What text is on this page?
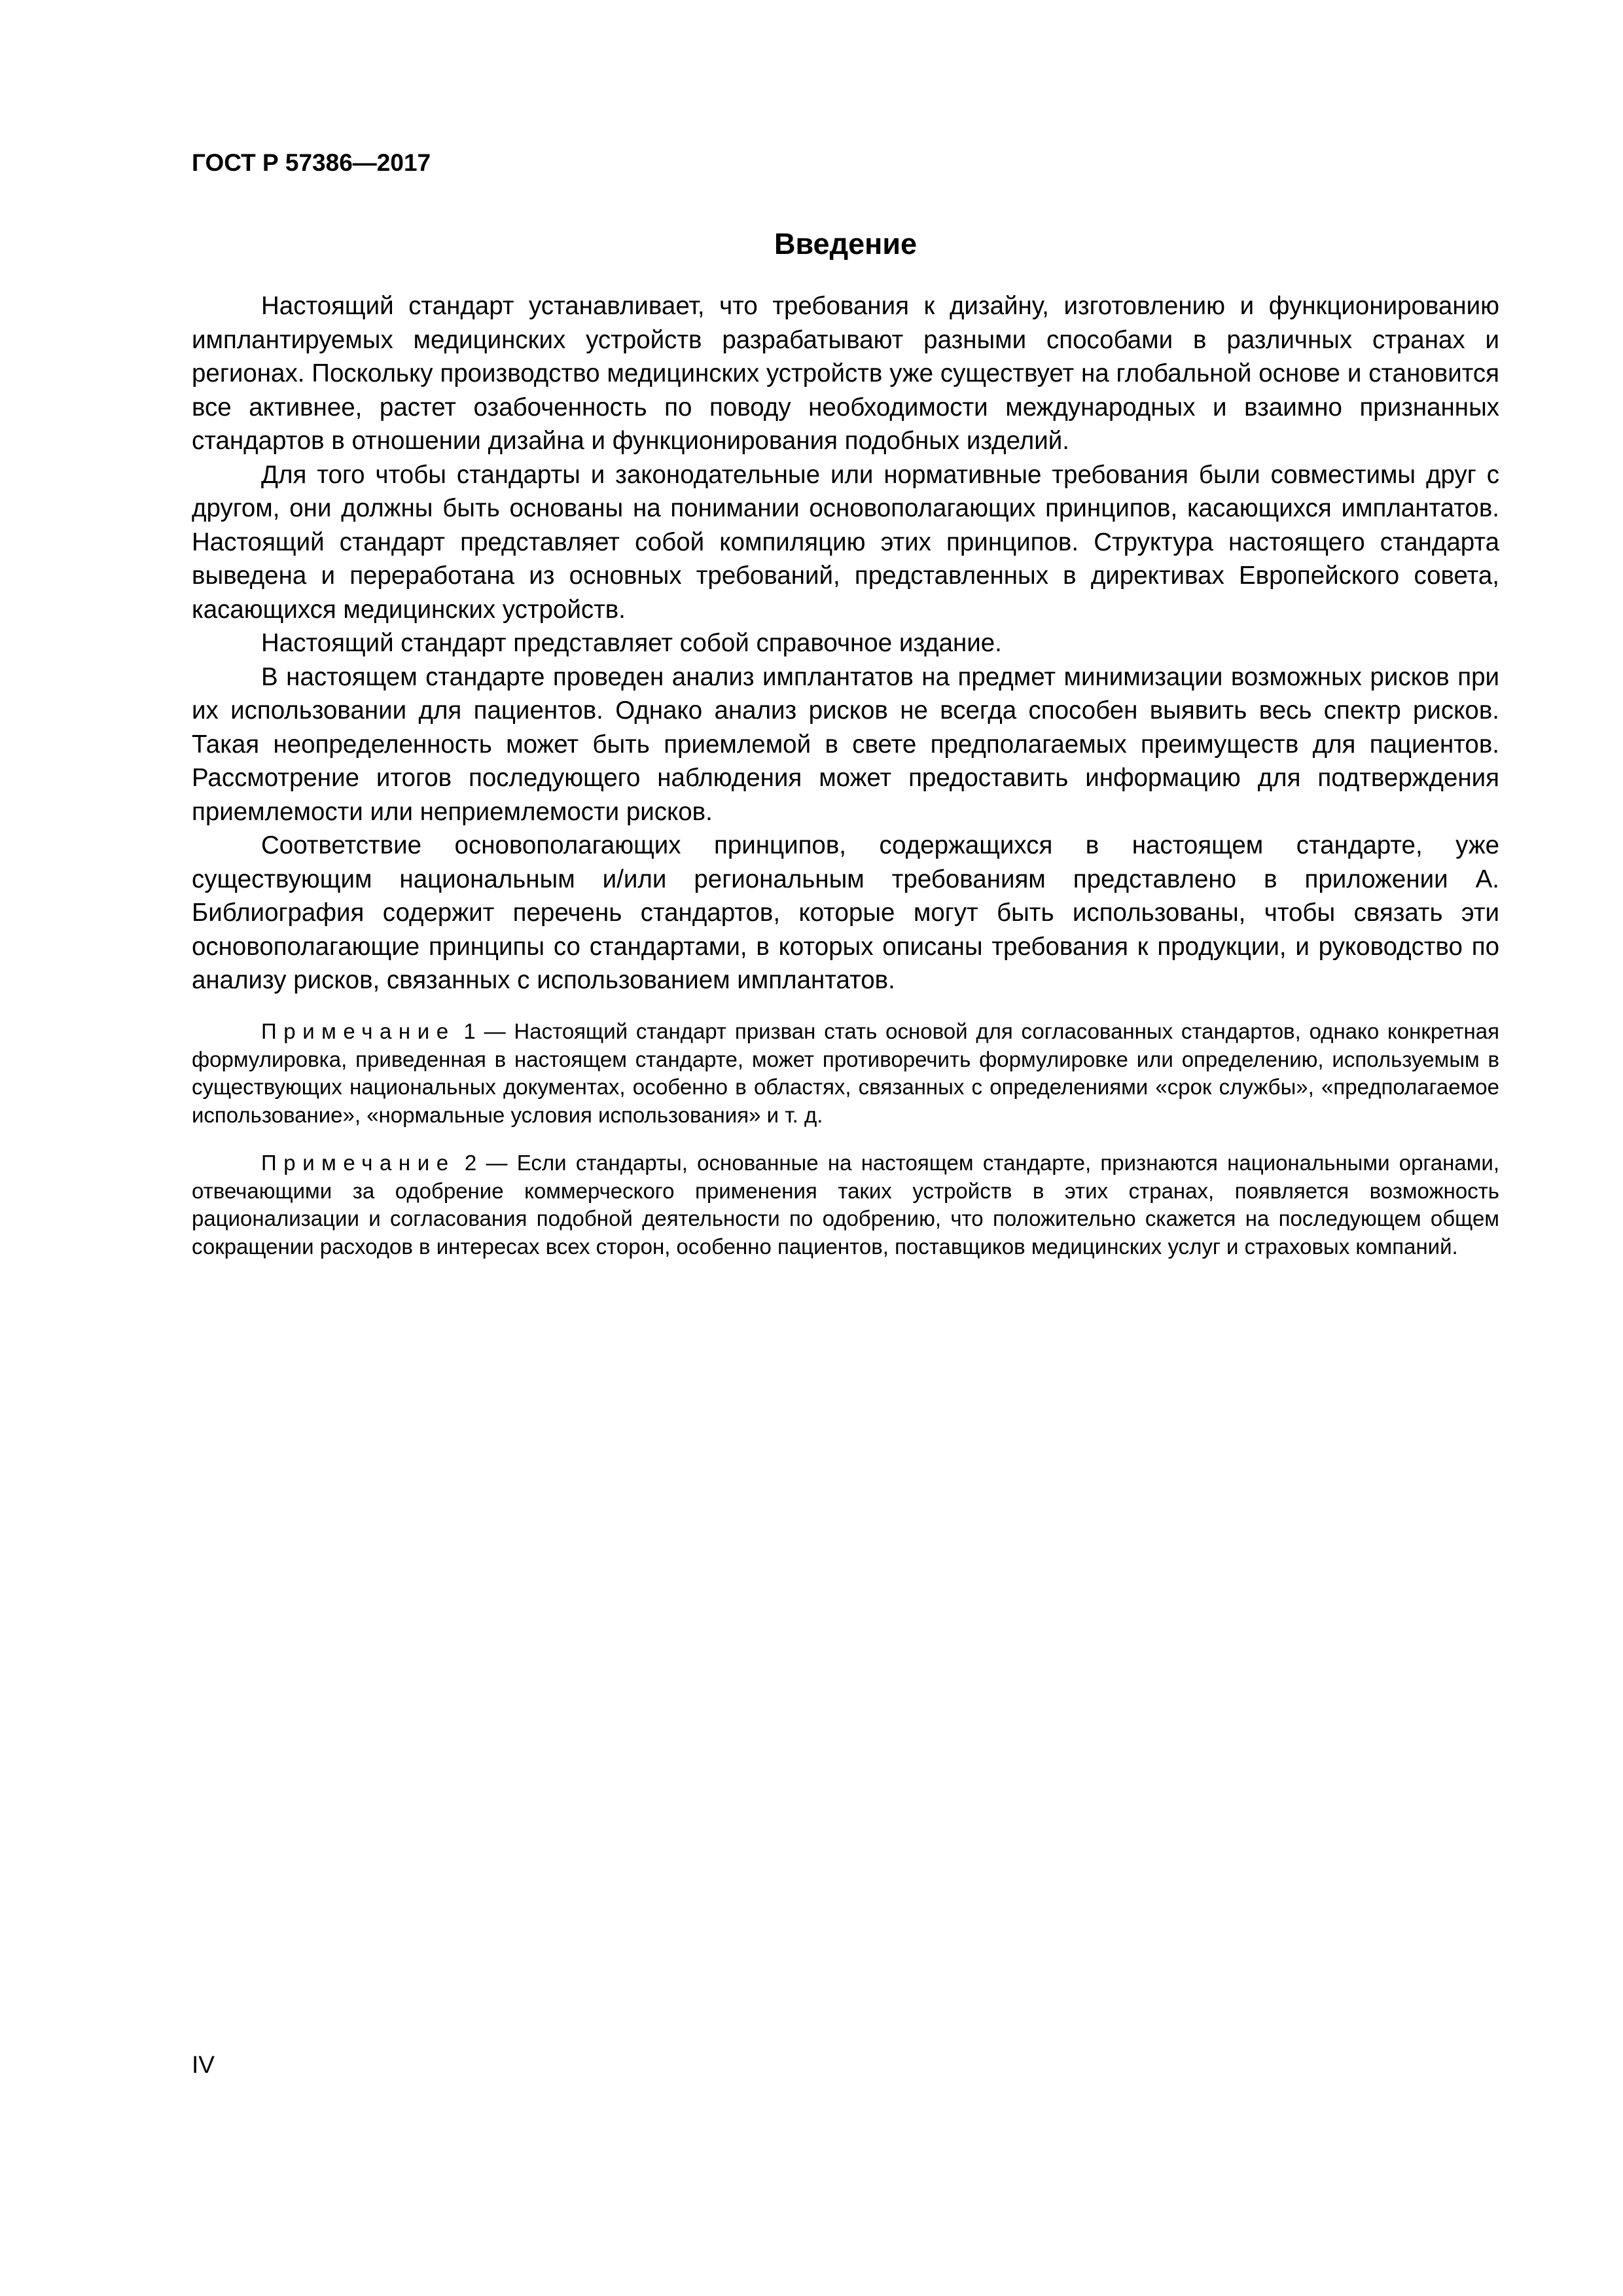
ГОСТ Р 57386—2017
Введение

Настоящий стандарт устанавливает, что требования к дизайну, изготовлению и функционированию имплантируемых медицинских устройств разрабатывают разными способами в различных странах и регионах. Поскольку производство медицинских устройств уже существует на глобальной основе и становится все активнее, растет озабоченность по поводу необходимости международных и взаимно признанных стандартов в отношении дизайна и функционирования подобных изделий.

Для того чтобы стандарты и законодательные или нормативные требования были совместимы друг с другом, они должны быть основаны на понимании основополагающих принципов, касающихся имплантатов. Настоящий стандарт представляет собой компиляцию этих принципов. Структура настоящего стандарта выведена и переработана из основных требований, представленных в директивах Европейского совета, касающихся медицинских устройств.

Настоящий стандарт представляет собой справочное издание.

В настоящем стандарте проведен анализ имплантатов на предмет минимизации возможных рисков при их использовании для пациентов. Однако анализ рисков не всегда способен выявить весь спектр рисков. Такая неопределенность может быть приемлемой в свете предполагаемых преимуществ для пациентов. Рассмотрение итогов последующего наблюдения может предоставить информацию для подтверждения приемлемости или неприемлемости рисков.

Соответствие основополагающих принципов, содержащихся в настоящем стандарте, уже существующим национальным и/или региональным требованиям представлено в приложении А. Библиография содержит перечень стандартов, которые могут быть использованы, чтобы связать эти основополагающие принципы со стандартами, в которых описаны требования к продукции, и руководство по анализу рисков, связанных с использованием имплантатов.

Примечание 1 — Настоящий стандарт призван стать основой для согласованных стандартов, однако конкретная формулировка, приведенная в настоящем стандарте, может противоречить формулировке или определению, используемым в существующих национальных документах, особенно в областях, связанных с определениями «срок службы», «предполагаемое использование», «нормальные условия использования» и т. д.

Примечание 2 — Если стандарты, основанные на настоящем стандарте, признаются национальными органами, отвечающими за одобрение коммерческого применения таких устройств в этих странах, появляется возможность рационализации и согласования подобной деятельности по одобрению, что положительно скажется на последующем общем сокращении расходов в интересах всех сторон, особенно пациентов, поставщиков медицинских услуг и страховых компаний.

IV
